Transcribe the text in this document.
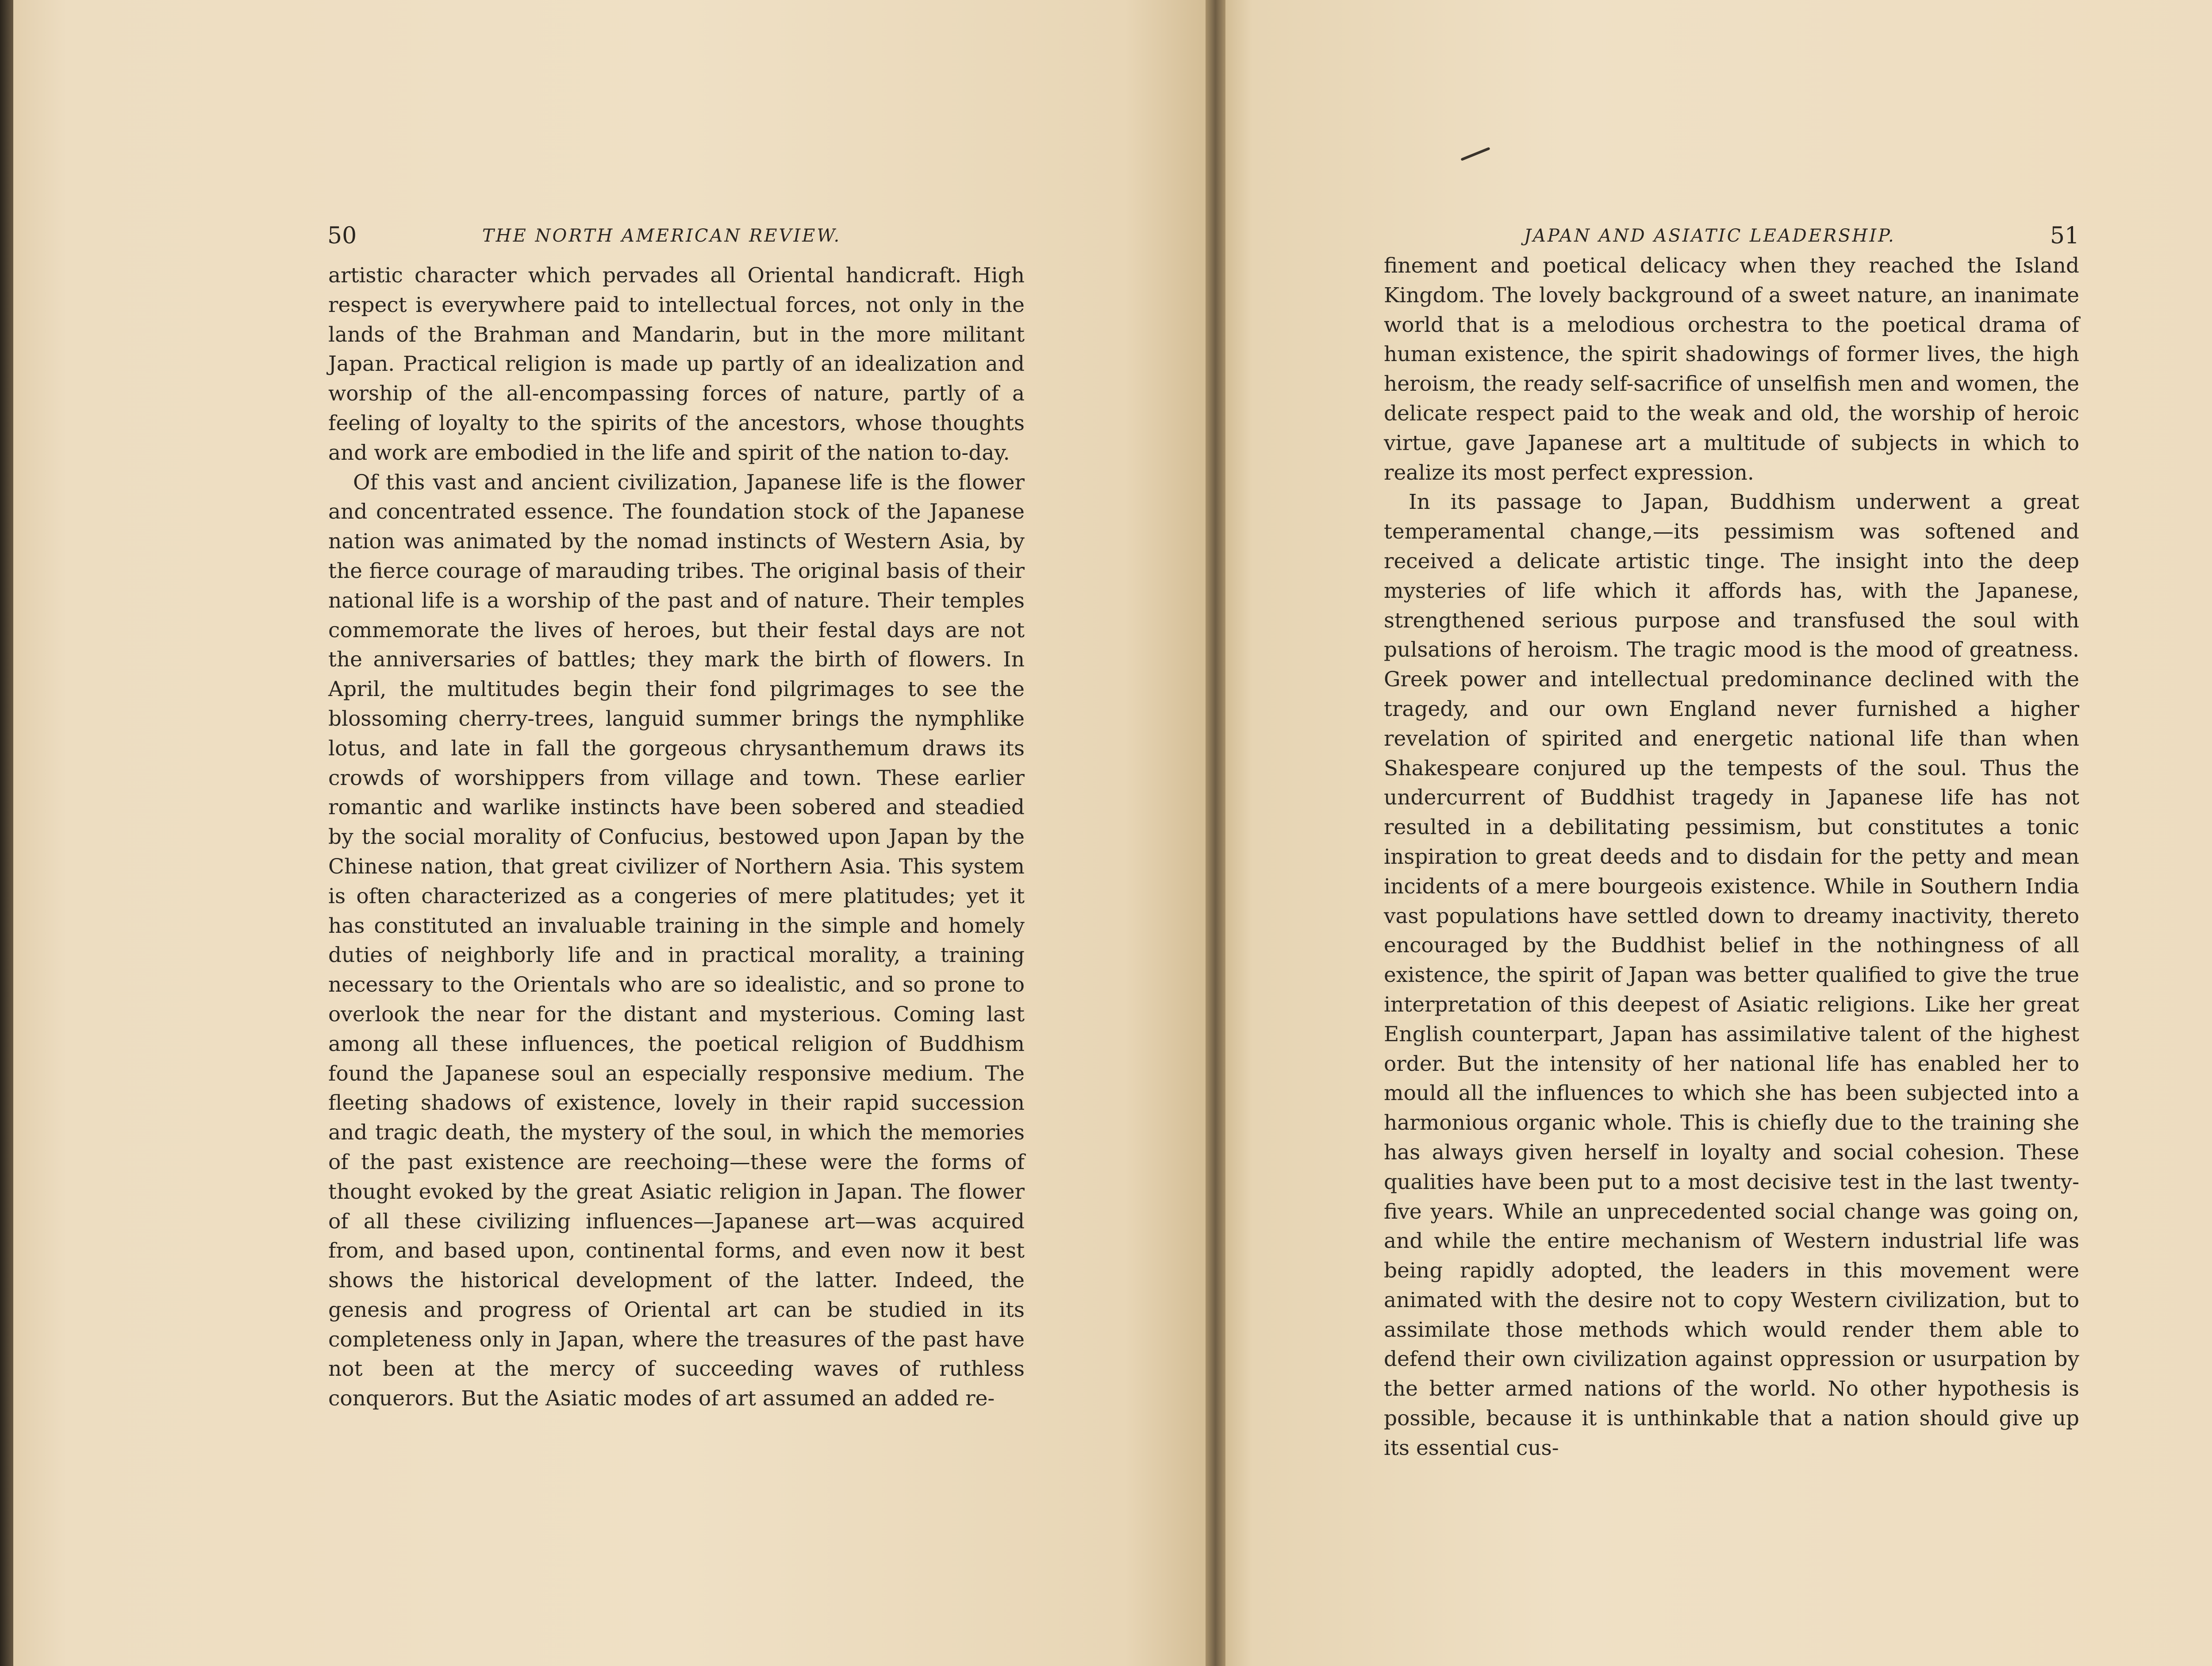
50	THE NORTH AMERICAN REVIEW.

artistic character which pervades all Oriental handicraft. High respect is everywhere paid to intellectual forces, not only in the lands of the Brahman and Mandarin, but in the more militant Japan. Practical religion is made up partly of an idealization and worship of the all-encompassing forces of nature, partly of a feeling of loyalty to the spirits of the ancestors, whose thoughts and work are embodied in the life and spirit of the nation to-day.

Of this vast and ancient civilization, Japanese life is the flower and concentrated essence. The foundation stock of the Japanese nation was animated by the nomad instincts of Western Asia, by the fierce courage of marauding tribes. The original basis of their national life is a worship of the past and of nature. Their temples commemorate the lives of heroes, but their festal days are not the anniversaries of battles; they mark the birth of flowers. In April, the multitudes begin their fond pilgrimages to see the blossoming cherry-trees, languid summer brings the nymphlike lotus, and late in fall the gorgeous chrysanthemum draws its crowds of worshippers from village and town. These earlier romantic and warlike instincts have been sobered and steadied by the social morality of Confucius, bestowed upon Japan by the Chinese nation, that great civilizer of Northern Asia. This system is often characterized as a congeries of mere platitudes; yet it has constituted an invaluable training in the simple and homely duties of neighborly life and in practical morality, a training necessary to the Orientals who are so idealistic, and so prone to overlook the near for the distant and mysterious. Coming last among all these influences, the poetical religion of Buddhism found the Japanese soul an especially responsive medium. The fleeting shadows of existence, lovely in their rapid succession and tragic death, the mystery of the soul, in which the memories of the past existence are reechoing—these were the forms of thought evoked by the great Asiatic religion in Japan. The flower of all these civilizing influences—Japanese art—was acquired from, and based upon, continental forms, and even now it best shows the historical development of the latter. Indeed, the genesis and progress of Oriental art can be studied in its completeness only in Japan, where the treasures of the past have not been at the mercy of succeeding waves of ruthless conquerors. But the Asiatic modes of art assumed an added re-

JAPAN AND ASIATIC LEADERSHIP.	51

finement and poetical delicacy when they reached the Island Kingdom. The lovely background of a sweet nature, an inanimate world that is a melodious orchestra to the poetical drama of human existence, the spirit shadowings of former lives, the high heroism, the ready self-sacrifice of unselfish men and women, the delicate respect paid to the weak and old, the worship of heroic virtue, gave Japanese art a multitude of subjects in which to realize its most perfect expression.

In its passage to Japan, Buddhism underwent a great temperamental change,—its pessimism was softened and received a delicate artistic tinge. The insight into the deep mysteries of life which it affords has, with the Japanese, strengthened serious purpose and transfused the soul with pulsations of heroism. The tragic mood is the mood of greatness. Greek power and intellectual predominance declined with the tragedy, and our own England never furnished a higher revelation of spirited and energetic national life than when Shakespeare conjured up the tempests of the soul. Thus the undercurrent of Buddhist tragedy in Japanese life has not resulted in a debilitating pessimism, but constitutes a tonic inspiration to great deeds and to disdain for the petty and mean incidents of a mere bourgeois existence. While in Southern India vast populations have settled down to dreamy inactivity, thereto encouraged by the Buddhist belief in the nothingness of all existence, the spirit of Japan was better qualified to give the true interpretation of this deepest of Asiatic religions. Like her great English counterpart, Japan has assimilative talent of the highest order. But the intensity of her national life has enabled her to mould all the influences to which she has been subjected into a harmonious organic whole. This is chiefly due to the training she has always given herself in loyalty and social cohesion. These qualities have been put to a most decisive test in the last twenty-five years. While an unprecedented social change was going on, and while the entire mechanism of Western industrial life was being rapidly adopted, the leaders in this movement were animated with the desire not to copy Western civilization, but to assimilate those methods which would render them able to defend their own civilization against oppression or usurpation by the better armed nations of the world. No other hypothesis is possible, because it is unthinkable that a nation should give up its essential cus-
